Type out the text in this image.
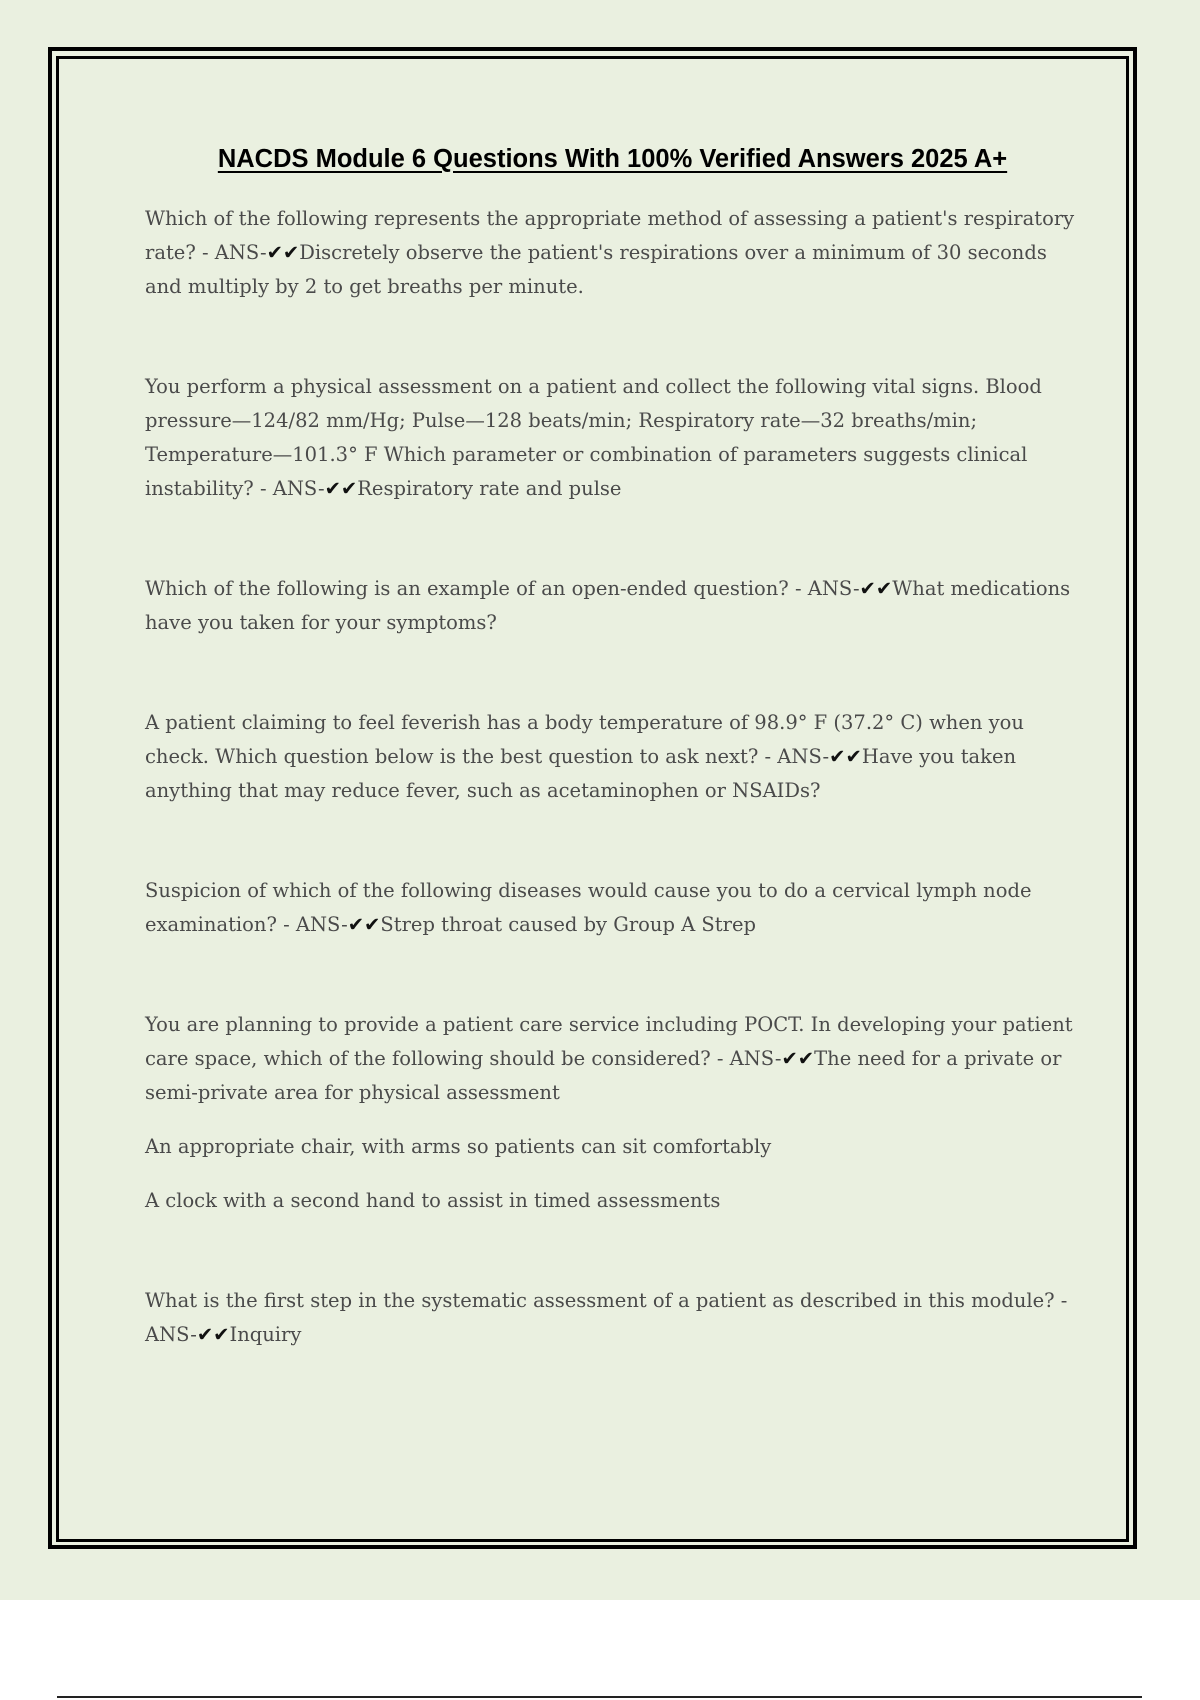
NACDS Module 6 Questions With 100% Verified Answers 2025 A+

Which of the following represents the appropriate method of assessing a patient's respiratory rate? - ANS-✔✔Discretely observe the patient's respirations over a minimum of 30 seconds and multiply by 2 to get breaths per minute.

You perform a physical assessment on a patient and collect the following vital signs. Blood pressure—124/82 mm/Hg; Pulse—128 beats/min; Respiratory rate—32 breaths/min; Temperature—101.3° F Which parameter or combination of parameters suggests clinical instability? - ANS-✔✔Respiratory rate and pulse

Which of the following is an example of an open-ended question? - ANS-✔✔What medications have you taken for your symptoms?

A patient claiming to feel feverish has a body temperature of 98.9° F (37.2° C) when you check. Which question below is the best question to ask next? - ANS-✔✔Have you taken anything that may reduce fever, such as acetaminophen or NSAIDs?

Suspicion of which of the following diseases would cause you to do a cervical lymph node examination? - ANS-✔✔Strep throat caused by Group A Strep

You are planning to provide a patient care service including POCT. In developing your patient care space, which of the following should be considered? - ANS-✔✔The need for a private or semi-private area for physical assessment

An appropriate chair, with arms so patients can sit comfortably

A clock with a second hand to assist in timed assessments

What is the first step in the systematic assessment of a patient as described in this module? - ANS-✔✔Inquiry
